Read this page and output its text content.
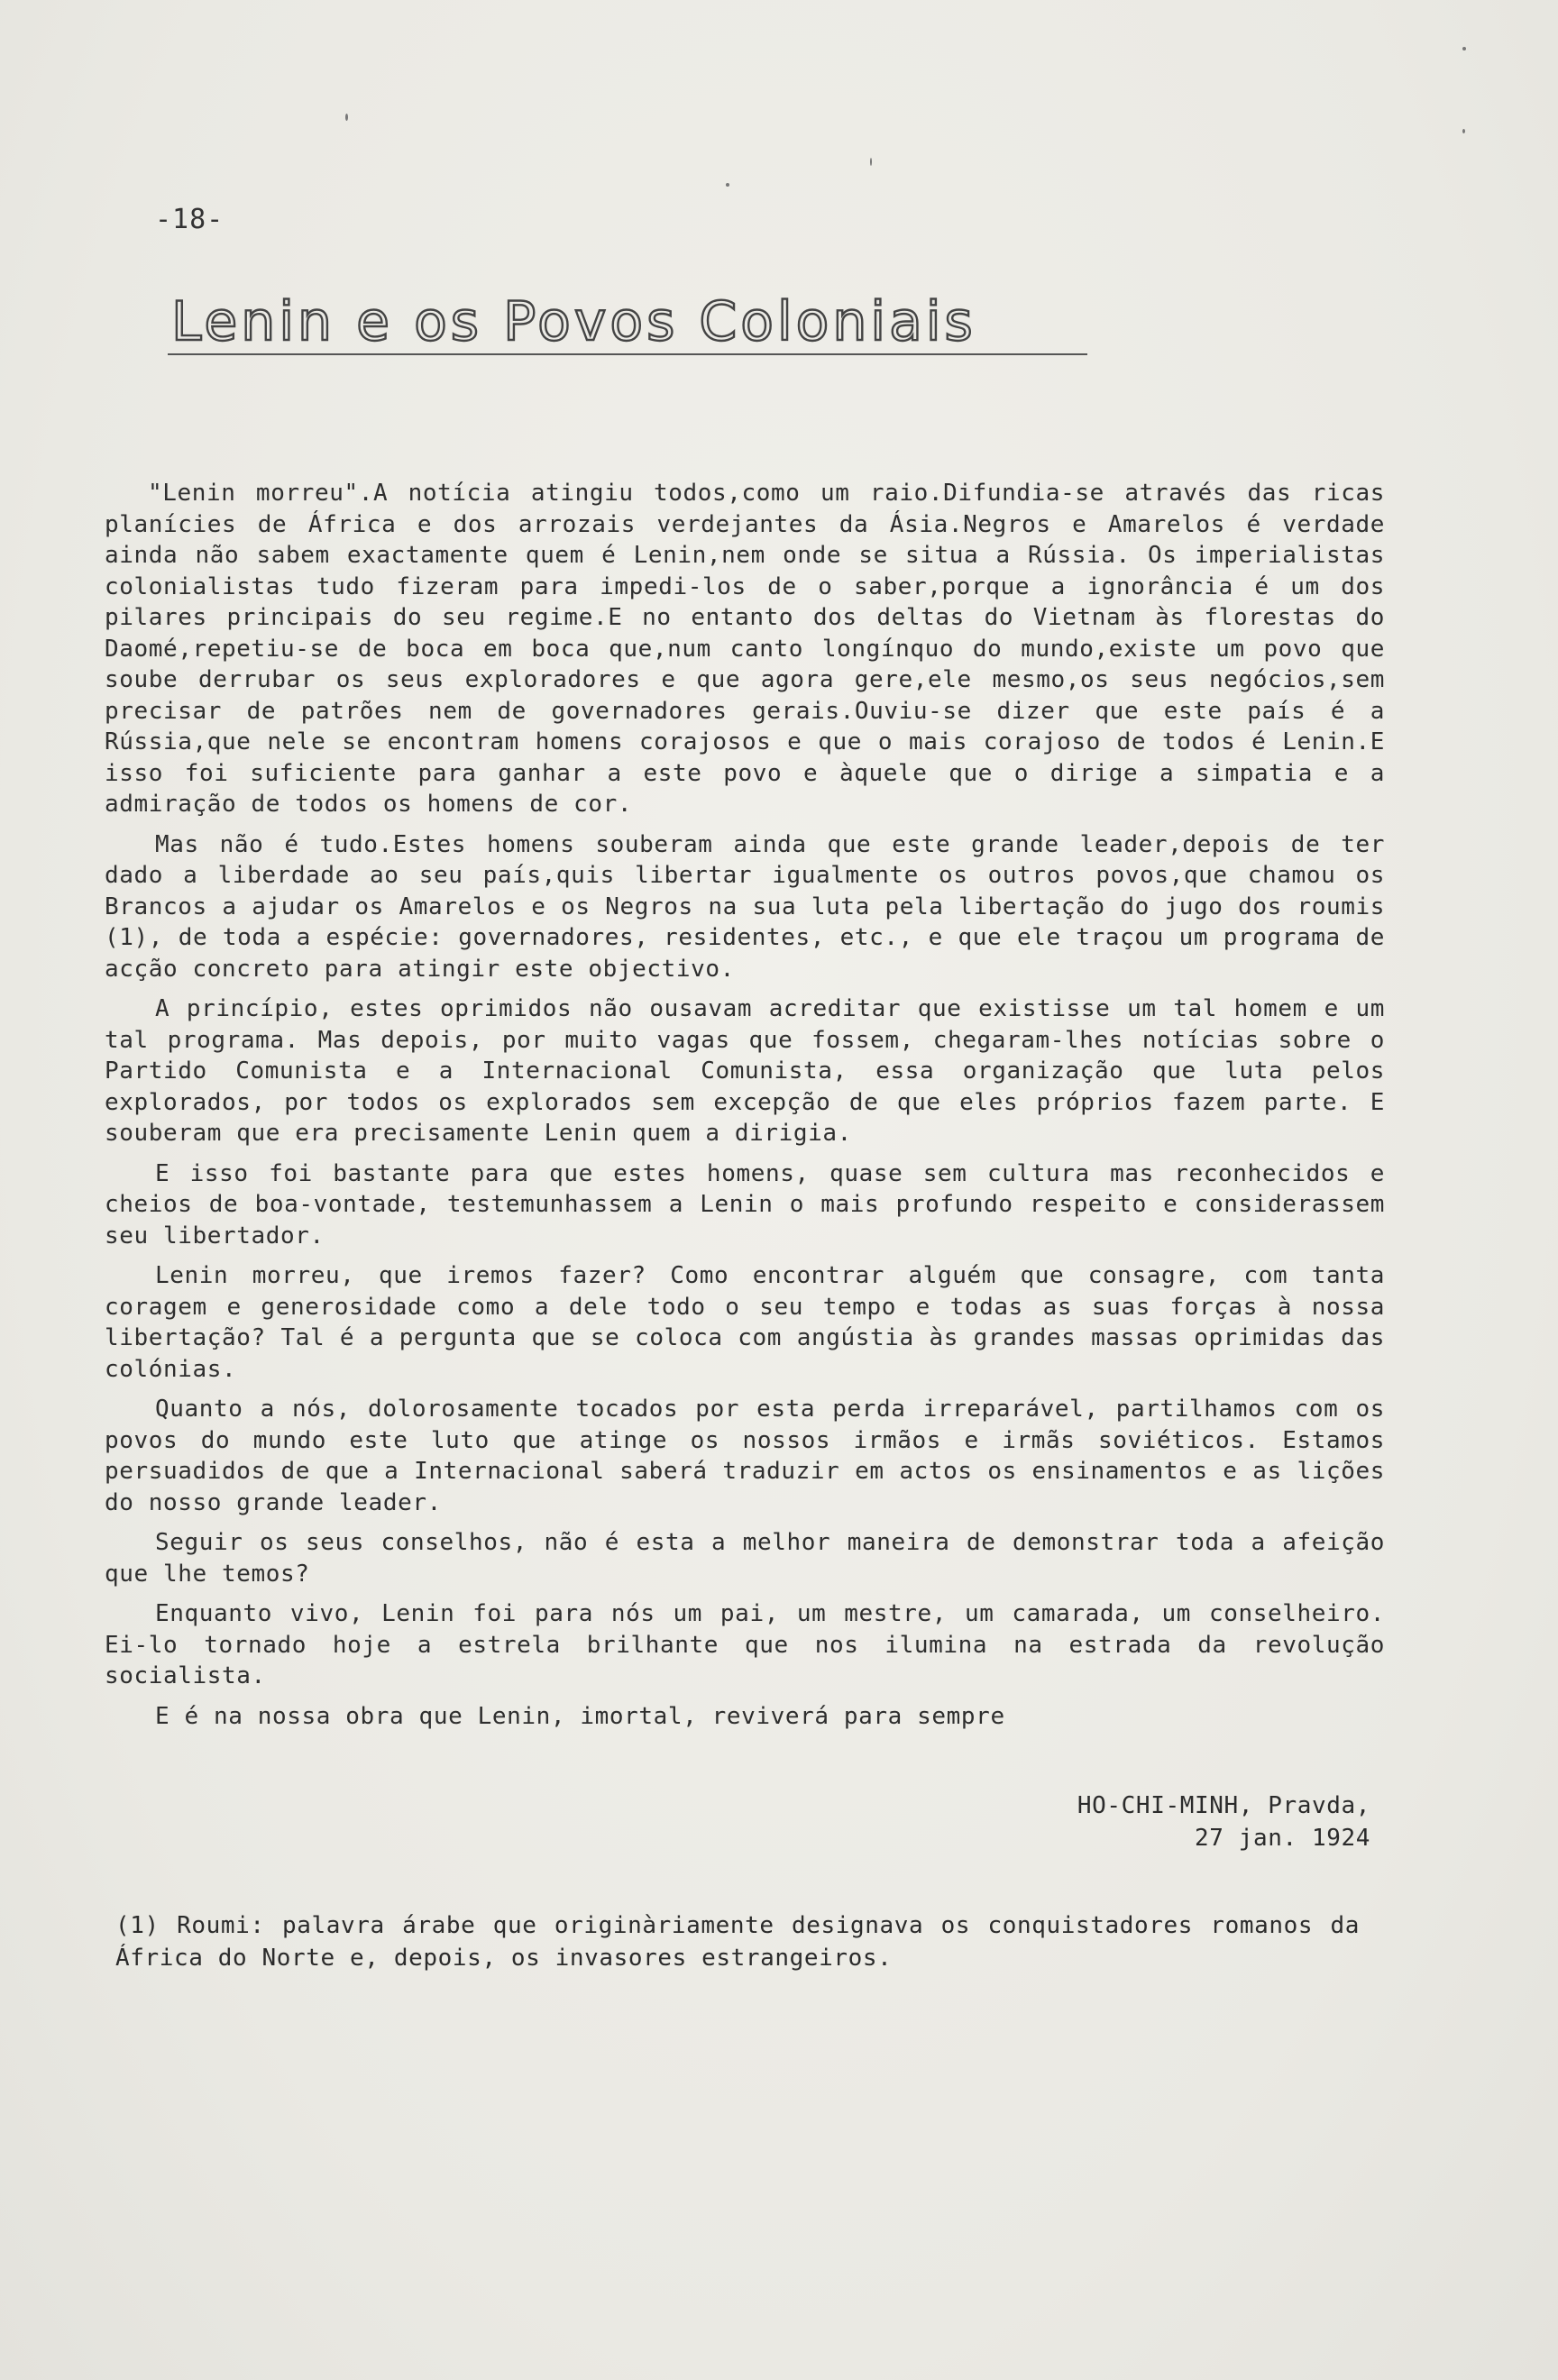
-18-
Lenin e os Povos Coloniais

"Lenin morreu".A notícia atingiu todos,como um raio.Difundia-se através das ricas planícies de África e dos arrozais verdejantes da Ásia.Negros e Amarelos é verdade ainda não sabem exactamente quem é Lenin,nem onde se situa a Rússia. Os imperialistas colonialistas tudo fizeram para impedi-los de o saber,porque a ignorância é um dos pilares principais do seu regime.E no entanto dos deltas do Vietnam às florestas do Daomé,repetiu-se de boca em boca que,num canto longínquo do mundo,existe um povo que soube derrubar os seus exploradores e que agora gere,ele mesmo,os seus negócios,sem precisar de patrões nem de governadores gerais.Ouviu-se dizer que este país é a Rússia,que nele se encontram homens corajosos e que o mais corajoso de todos é Lenin.E isso foi suficiente para ganhar a este povo e àquele que o dirige a simpatia e a admiração de todos os homens de cor.

Mas não é tudo.Estes homens souberam ainda que este grande leader,depois de ter dado a liberdade ao seu país,quis libertar igualmente os outros povos,que chamou os Brancos a ajudar os Amarelos e os Negros na sua luta pela libertação do jugo dos roumis (1), de toda a espécie: governadores, residentes, etc., e que ele traçou um programa de acção concreto para atingir este objectivo.

A princípio, estes oprimidos não ousavam acreditar que existisse um tal homem e um tal programa. Mas depois, por muito vagas que fossem, chegaram-lhes notícias sobre o Partido Comunista e a Internacional Comunista, essa organização que luta pelos explorados, por todos os explorados sem excepção de que eles próprios fazem parte. E souberam que era precisamente Lenin quem a dirigia.

E isso foi bastante para que estes homens, quase sem cultura mas reconhecidos e cheios de boa-vontade, testemunhassem a Lenin o mais profundo respeito e considerassem seu libertador.

Lenin morreu, que iremos fazer? Como encontrar alguém que consagre, com tanta coragem e generosidade como a dele todo o seu tempo e todas as suas forças à nossa libertação? Tal é a pergunta que se coloca com angústia às grandes massas oprimidas das colónias.

Quanto a nós, dolorosamente tocados por esta perda irreparável, partilhamos com os povos do mundo este luto que atinge os nossos irmãos e irmãs soviéticos. Estamos persuadidos de que a Internacional saberá traduzir em actos os ensinamentos e as lições do nosso grande leader.

Seguir os seus conselhos, não é esta a melhor maneira de demonstrar toda a afeição que lhe temos?

Enquanto vivo, Lenin foi para nós um pai, um mestre, um camarada, um conselheiro. Ei-lo tornado hoje a estrela brilhante que nos ilumina na estrada da revolução socialista.

E é na nossa obra que Lenin, imortal, reviverá para sempre

HO-CHI-MINH, Pravda,
27 jan. 1924
(1) Roumi: palavra árabe que originàriamente designava os conquistadores romanos da África do Norte e, depois, os invasores estrangeiros.
